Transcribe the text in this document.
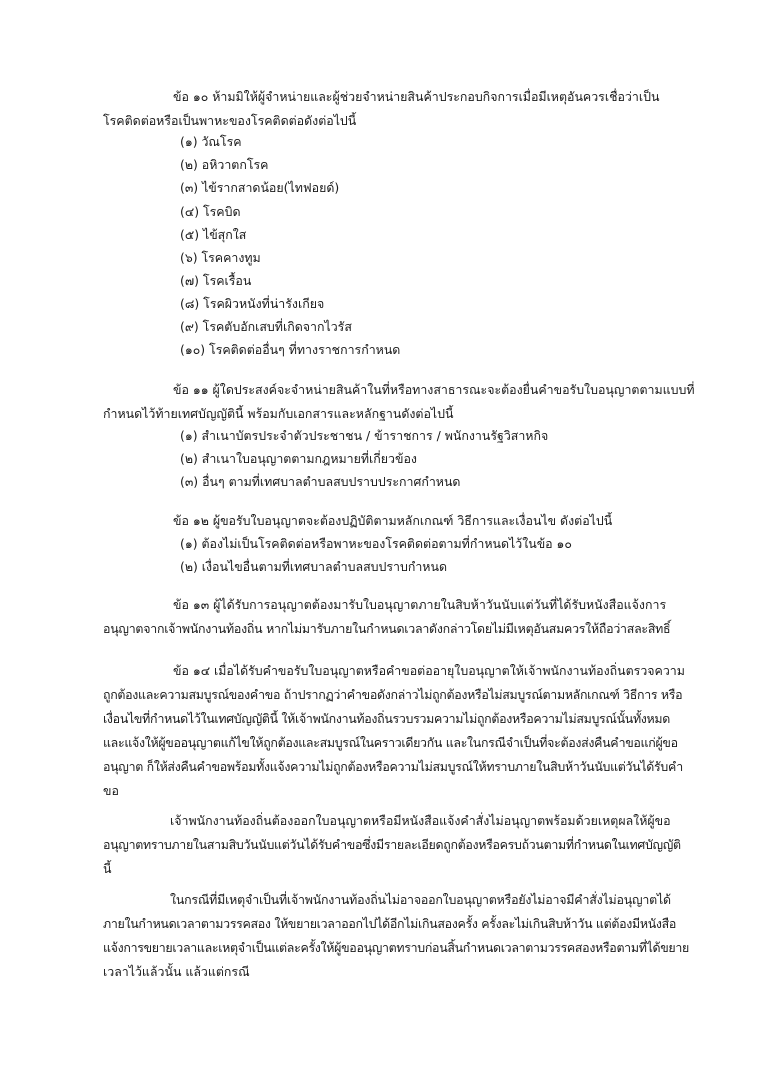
ข้อ ๑๐ ห้ามมิให้ผู้จำหน่ายและผู้ช่วยจำหน่ายสินค้าประกอบกิจการเมื่อมีเหตุอันควรเชื่อว่าเป็น
โรคติดต่อหรือเป็นพาหะของโรคติดต่อดังต่อไปนี้
(๑) วัณโรค
(๒) อหิวาตกโรค
(๓) ไข้รากสาดน้อย(ไทฟอยด์)
(๔) โรคบิด
(๕) ไข้สุกใส
(๖) โรคคางทูม
(๗) โรคเรื้อน
(๘) โรคผิวหนังที่น่ารังเกียจ
(๙) โรคตับอักเสบที่เกิดจากไวรัส
(๑๐) โรคติดต่ออื่นๆ ที่ทางราชการกำหนด
ข้อ ๑๑ ผู้ใดประสงค์จะจำหน่ายสินค้าในที่หรือทางสาธารณะจะต้องยื่นคำขอรับใบอนุญาตตามแบบที่
กำหนดไว้ท้ายเทศบัญญัตินี้ พร้อมกับเอกสารและหลักฐานดังต่อไปนี้
(๑) สำเนาบัตรประจำตัวประชาชน / ข้าราชการ / พนักงานรัฐวิสาหกิจ
(๒) สำเนาใบอนุญาตตามกฎหมายที่เกี่ยวข้อง
(๓) อื่นๆ ตามที่เทศบาลตำบลสบปราบประกาศกำหนด
ข้อ ๑๒ ผู้ขอรับใบอนุญาตจะต้องปฏิบัติตามหลักเกณฑ์ วิธีการและเงื่อนไข ดังต่อไปนี้
(๑) ต้องไม่เป็นโรคติดต่อหรือพาหะของโรคติดต่อตามที่กำหนดไว้ในข้อ ๑๐
(๒) เงื่อนไขอื่นตามที่เทศบาลตำบลสบปราบกำหนด
ข้อ ๑๓ ผู้ได้รับการอนุญาตต้องมารับใบอนุญาตภายในสิบห้าวันนับแต่วันที่ได้รับหนังสือแจ้งการ
อนุญาตจากเจ้าพนักงานท้องถิ่น หากไม่มารับภายในกำหนดเวลาดังกล่าวโดยไม่มีเหตุอันสมควรให้ถือว่าสละสิทธิ์
ข้อ ๑๔ เมื่อได้รับคำขอรับใบอนุญาตหรือคำขอต่ออายุใบอนุญาตให้เจ้าพนักงานท้องถิ่นตรวจความ
ถูกต้องและความสมบูรณ์ของคำขอ ถ้าปรากฏว่าคำขอดังกล่าวไม่ถูกต้องหรือไม่สมบูรณ์ตามหลักเกณฑ์ วิธีการ หรือ
เงื่อนไขที่กำหนดไว้ในเทศบัญญัตินี้ ให้เจ้าพนักงานท้องถิ่นรวบรวมความไม่ถูกต้องหรือความไม่สมบูรณ์นั้นทั้งหมด
และแจ้งให้ผู้ขออนุญาตแก้ไขให้ถูกต้องและสมบูรณ์ในคราวเดียวกัน และในกรณีจำเป็นที่จะต้องส่งคืนคำขอแก่ผู้ขอ
อนุญาต ก็ให้ส่งคืนคำขอพร้อมทั้งแจ้งความไม่ถูกต้องหรือความไม่สมบูรณ์ให้ทราบภายในสิบห้าวันนับแต่วันได้รับคำ
ขอ
เจ้าพนักงานท้องถิ่นต้องออกใบอนุญาตหรือมีหนังสือแจ้งคำสั่งไม่อนุญาตพร้อมด้วยเหตุผลให้ผู้ขอ
อนุญาตทราบภายในสามสิบวันนับแต่วันได้รับคำขอซึ่งมีรายละเอียดถูกต้องหรือครบถ้วนตามที่กำหนดในเทศบัญญัติ
นี้
ในกรณีที่มีเหตุจำเป็นที่เจ้าพนักงานท้องถิ่นไม่อาจออกใบอนุญาตหรือยังไม่อาจมีคำสั่งไม่อนุญาตได้
ภายในกำหนดเวลาตามวรรคสอง ให้ขยายเวลาออกไปได้อีกไม่เกินสองครั้ง ครั้งละไม่เกินสิบห้าวัน แต่ต้องมีหนังสือ
แจ้งการขยายเวลาและเหตุจำเป็นแต่ละครั้งให้ผู้ขออนุญาตทราบก่อนสิ้นกำหนดเวลาตามวรรคสองหรือตามที่ได้ขยาย
เวลาไว้แล้วนั้น แล้วแต่กรณี
